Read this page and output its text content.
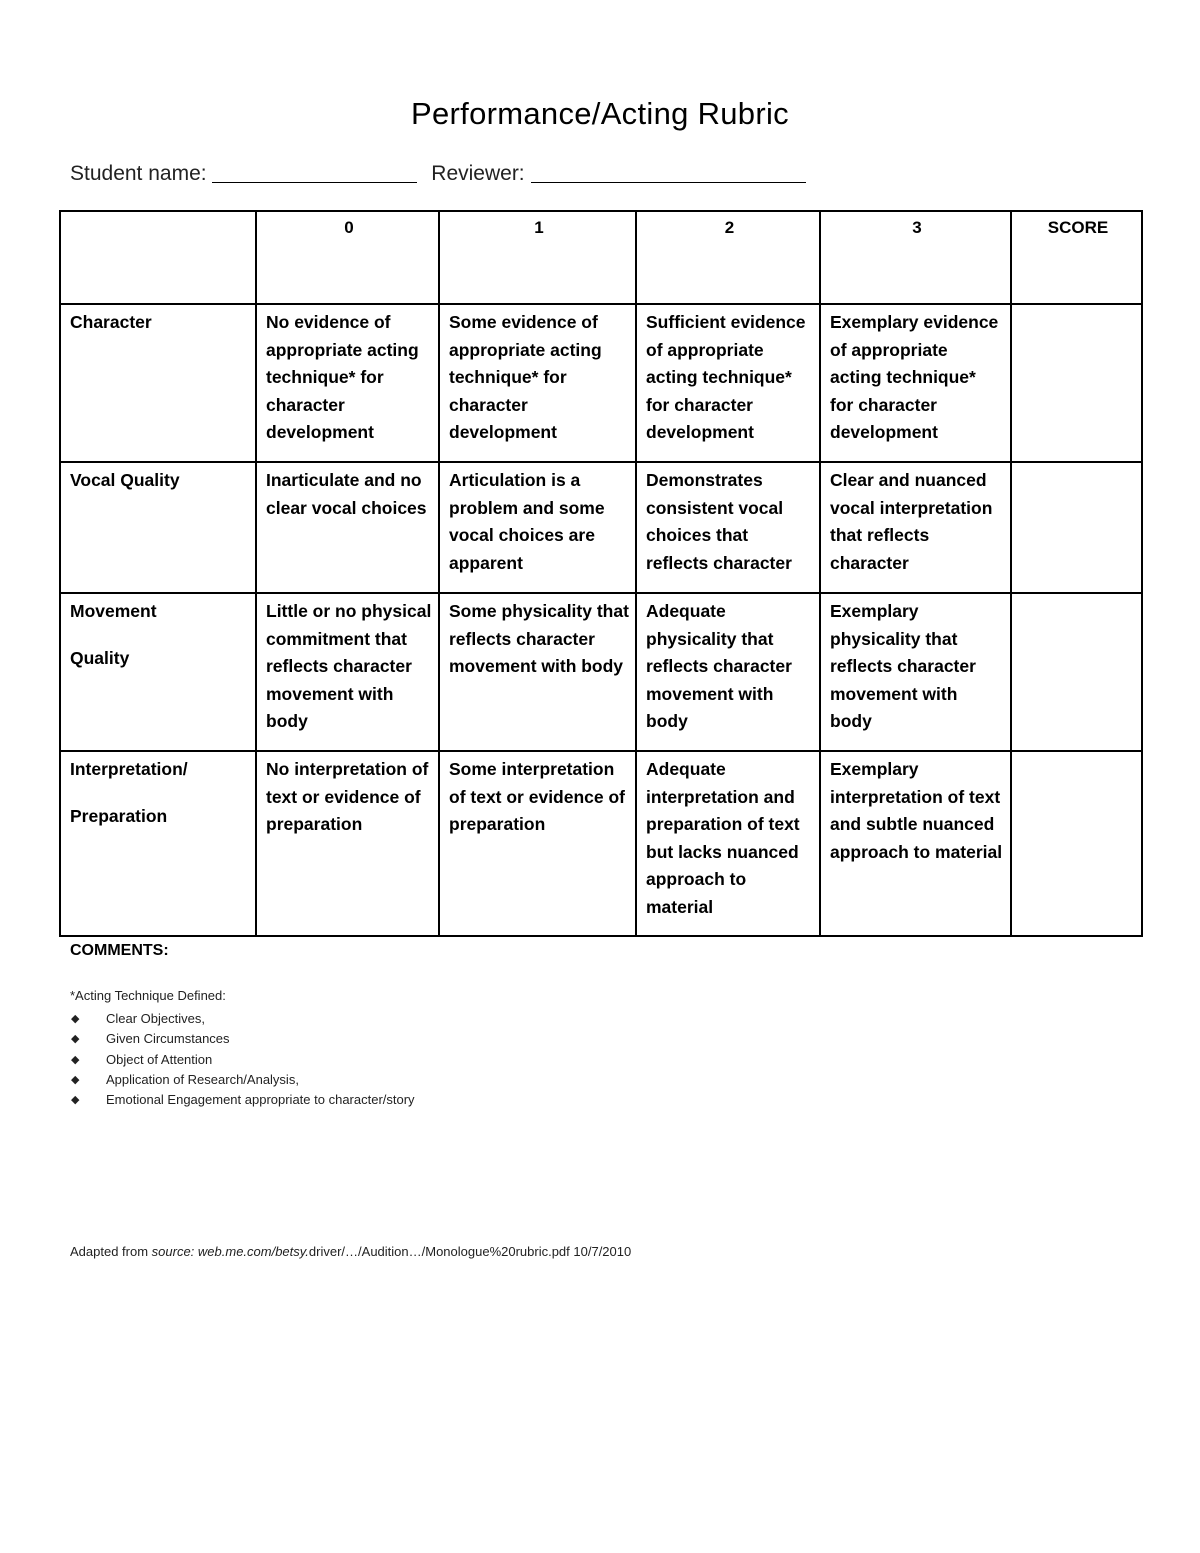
Performance/Acting Rubric
Student name:	Reviewer:
	0	1	2	3	SCORE

Character	No evidence of appropriate acting technique* for character development	Some evidence of appropriate acting technique* for character development	Sufficient evidence of appropriate acting technique* for character development	Exemplary evidence of appropriate acting technique* for character development	

Vocal Quality	Inarticulate and no clear vocal choices	Articulation is a problem and some vocal choices are apparent	Demonstrates consistent vocal choices that reflects character	Clear and nuanced vocal interpretation that reflects character	

Movement
Quality	Little or no physical commitment that reflects character movement with body	Some physicality that reflects character movement with body	Adequate physicality that reflects character movement with body	Exemplary physicality that reflects character movement with body	

Interpretation/
Preparation	No interpretation of text or evidence of preparation	Some interpretation of text or evidence of preparation	Adequate interpretation and preparation of text but lacks nuanced approach to material	Exemplary interpretation of text and subtle nuanced approach to material	
COMMENTS:
*Acting Technique Defined:
◆ Clear Objectives,
◆ Given Circumstances
◆ Object of Attention
◆ Application of Research/Analysis,
◆ Emotional Engagement appropriate to character/story
Adapted from source: web.me.com/betsy.driver/…/Audition…/Monologue%20rubric.pdf 10/7/2010
